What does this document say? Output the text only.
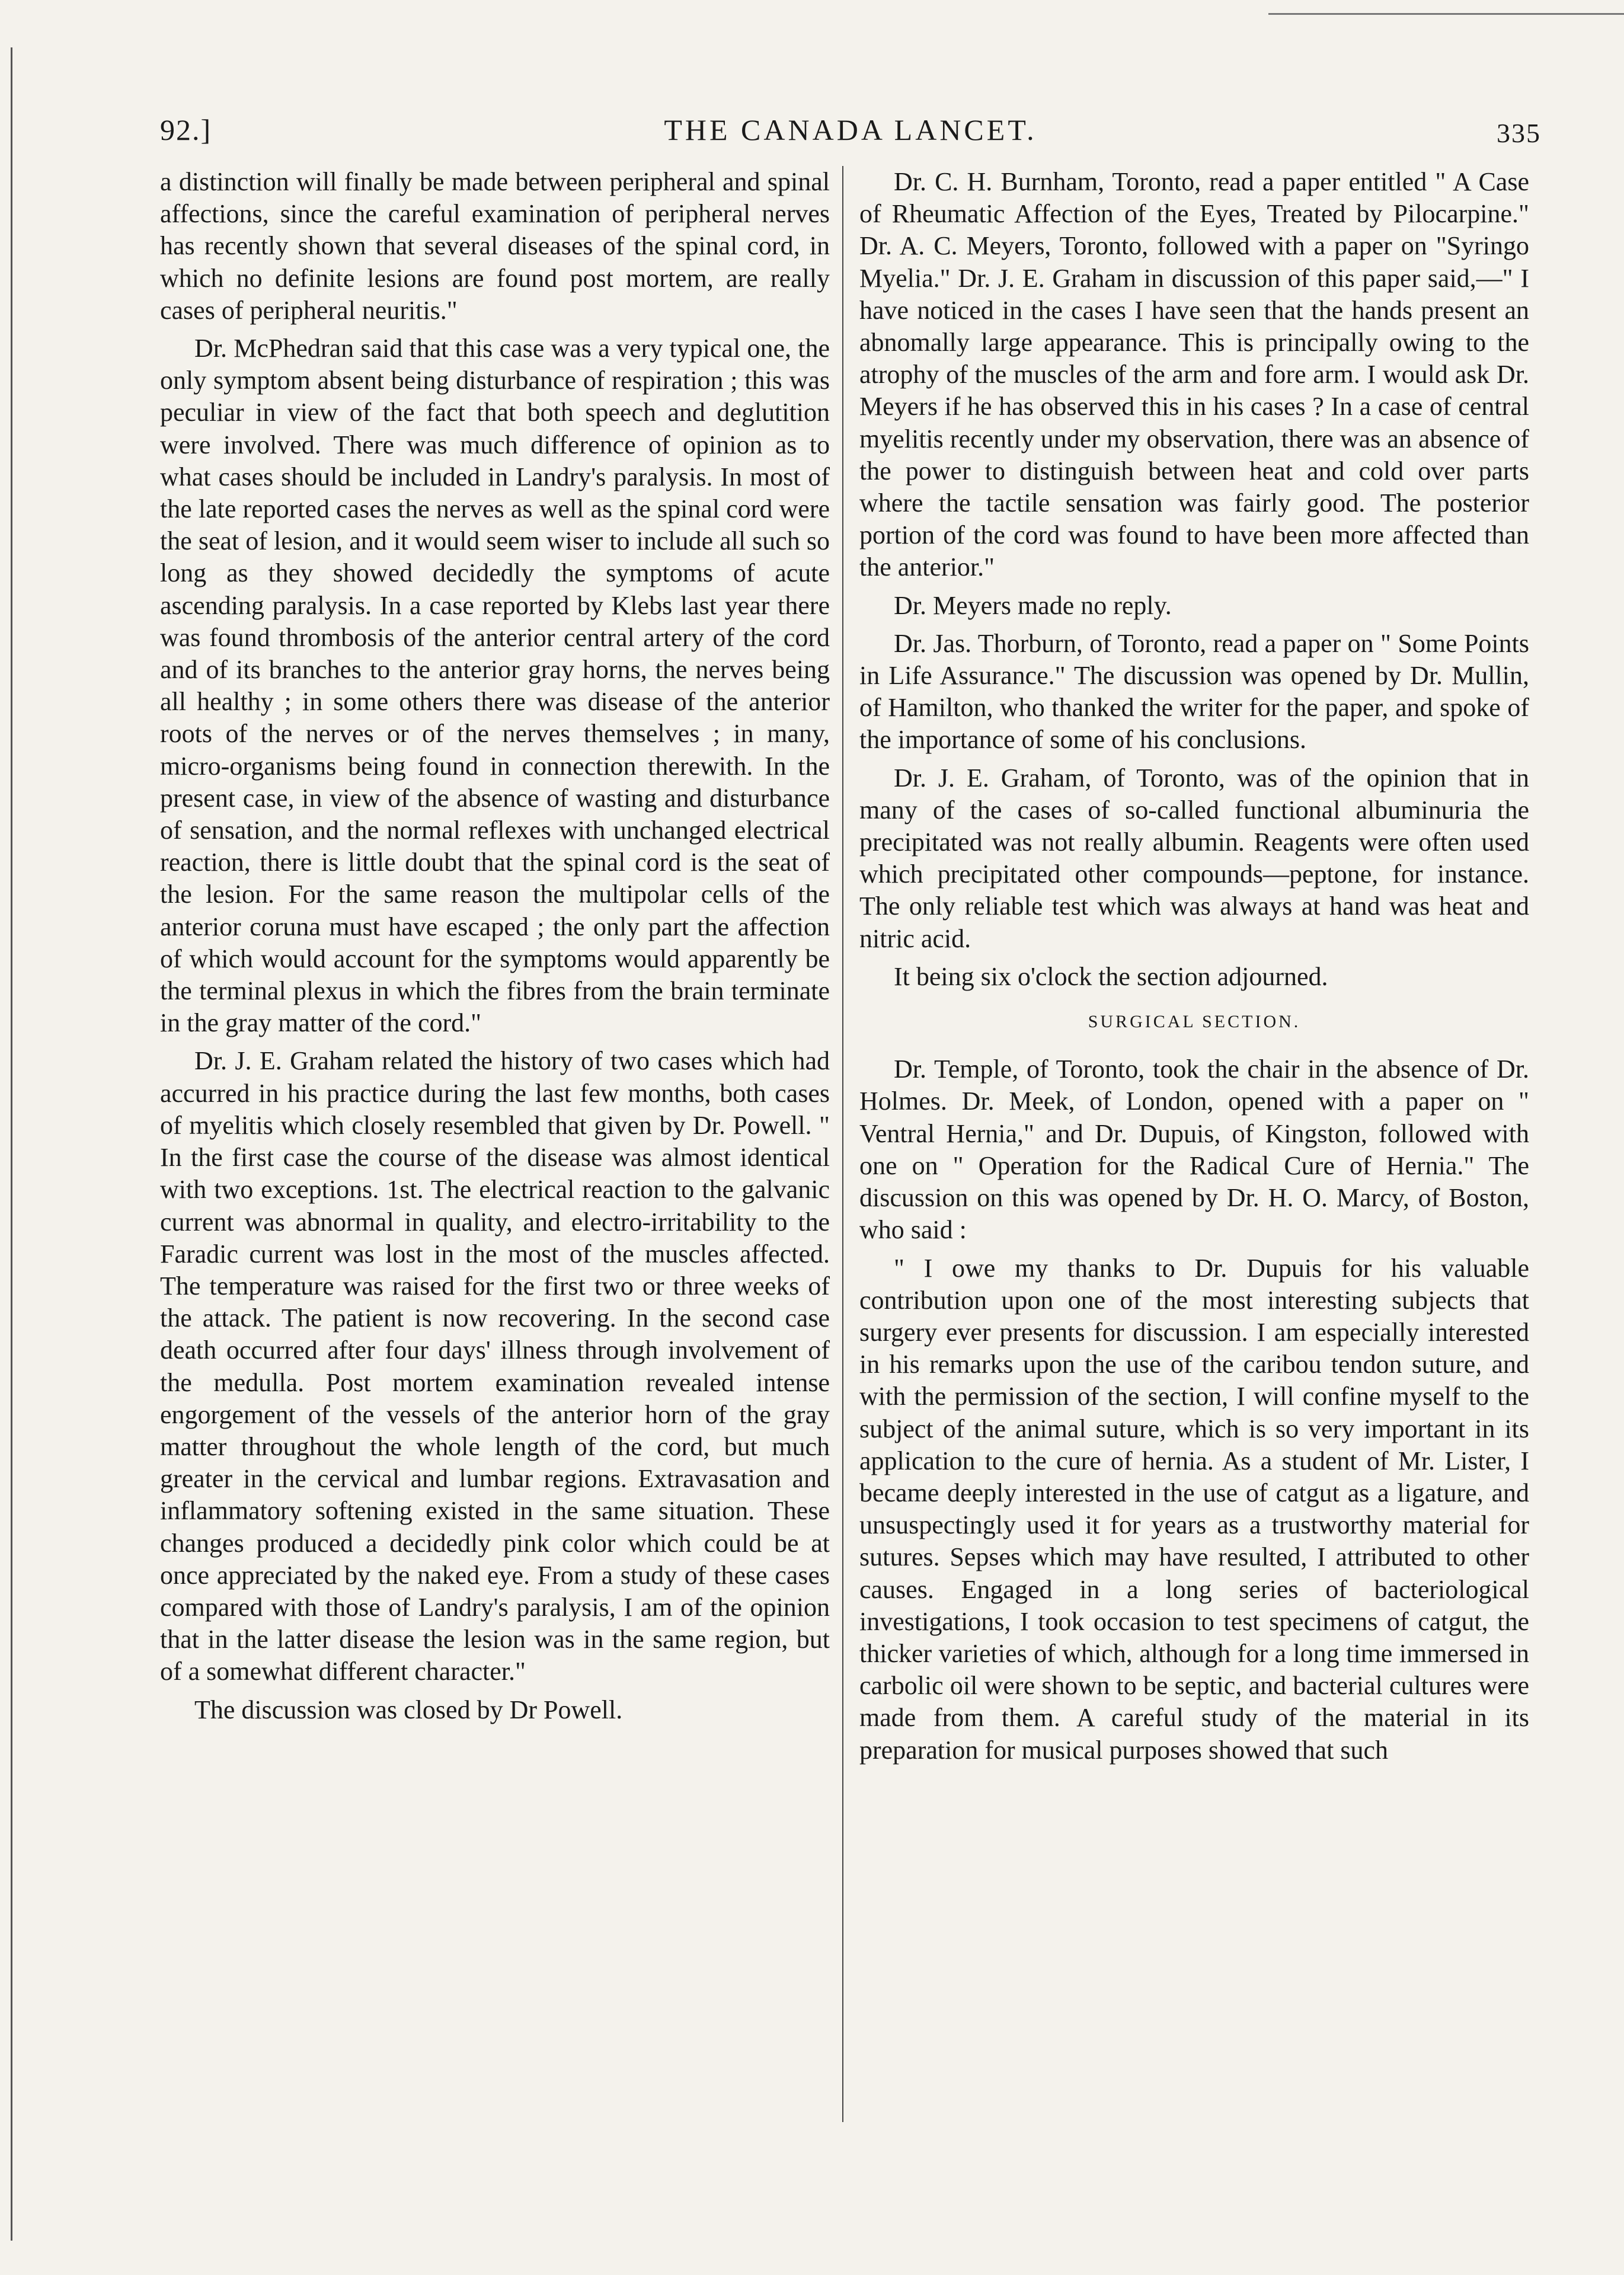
92.]	THE CANADA LANCET.	335

a distinction will finally be made between peripheral and spinal affections, since the careful examination of peripheral nerves has recently shown that several diseases of the spinal cord, in which no definite lesions are found post mortem, are really cases of peripheral neuritis."

Dr. McPhedran said that this case was a very typical one, the only symptom absent being disturbance of respiration ; this was peculiar in view of the fact that both speech and deglutition were involved. There was much difference of opinion as to what cases should be included in Landry's paralysis. In most of the late reported cases the nerves as well as the spinal cord were the seat of lesion, and it would seem wiser to include all such so long as they showed decidedly the symptoms of acute ascending paralysis. In a case reported by Klebs last year there was found thrombosis of the anterior central artery of the cord and of its branches to the anterior gray horns, the nerves being all healthy ; in some others there was disease of the anterior roots of the nerves or of the nerves themselves ; in many, micro-organisms being found in connection therewith. In the present case, in view of the absence of wasting and disturbance of sensation, and the normal reflexes with unchanged electrical reaction, there is little doubt that the spinal cord is the seat of the lesion. For the same reason the multipolar cells of the anterior coruna must have escaped ; the only part the affection of which would account for the symptoms would apparently be the terminal plexus in which the fibres from the brain terminate in the gray matter of the cord."

Dr. J. E. Graham related the history of two cases which had accurred in his practice during the last few months, both cases of myelitis which closely resembled that given by Dr. Powell. " In the first case the course of the disease was almost identical with two exceptions. 1st. The electrical reaction to the galvanic current was abnormal in quality, and electro-irritability to the Faradic current was lost in the most of the muscles affected. The temperature was raised for the first two or three weeks of the attack. The patient is now recovering. In the second case death occurred after four days' illness through involvement of the medulla. Post mortem examination revealed intense engorgement of the vessels of the anterior horn of the gray matter throughout the whole length of the cord, but much greater in the cervical and lumbar regions. Extravasation and inflammatory softening existed in the same situation. These changes produced a decidedly pink color which could be at once appreciated by the naked eye. From a study of these cases compared with those of Landry's paralysis, I am of the opinion that in the latter disease the lesion was in the same region, but of a somewhat different character."

The discussion was closed by Dr Powell.

Dr. C. H. Burnham, Toronto, read a paper entitled " A Case of Rheumatic Affection of the Eyes, Treated by Pilocarpine." Dr. A. C. Meyers, Toronto, followed with a paper on "Syringo Myelia." Dr. J. E. Graham in discussion of this paper said,—" I have noticed in the cases I have seen that the hands present an abnomally large appearance. This is principally owing to the atrophy of the muscles of the arm and fore arm. I would ask Dr. Meyers if he has observed this in his cases ? In a case of central myelitis recently under my observation, there was an absence of the power to distinguish between heat and cold over parts where the tactile sensation was fairly good. The posterior portion of the cord was found to have been more affected than the anterior."

Dr. Meyers made no reply.

Dr. Jas. Thorburn, of Toronto, read a paper on " Some Points in Life Assurance." The discussion was opened by Dr. Mullin, of Hamilton, who thanked the writer for the paper, and spoke of the importance of some of his conclusions.

Dr. J. E. Graham, of Toronto, was of the opinion that in many of the cases of so-called functional albuminuria the precipitated was not really albumin. Reagents were often used which precipitated other compounds—peptone, for instance. The only reliable test which was always at hand was heat and nitric acid.

It being six o'clock the section adjourned.

SURGICAL SECTION.

Dr. Temple, of Toronto, took the chair in the absence of Dr. Holmes. Dr. Meek, of London, opened with a paper on " Ventral Hernia," and Dr. Dupuis, of Kingston, followed with one on " Operation for the Radical Cure of Hernia." The discussion on this was opened by Dr. H. O. Marcy, of Boston, who said :

" I owe my thanks to Dr. Dupuis for his valuable contribution upon one of the most interesting subjects that surgery ever presents for discussion. I am especially interested in his remarks upon the use of the caribou tendon suture, and with the permission of the section, I will confine myself to the subject of the animal suture, which is so very important in its application to the cure of hernia. As a student of Mr. Lister, I became deeply interested in the use of catgut as a ligature, and unsuspectingly used it for years as a trustworthy material for sutures. Sepses which may have resulted, I attributed to other causes. Engaged in a long series of bacteriological investigations, I took occasion to test specimens of catgut, the thicker varieties of which, although for a long time immersed in carbolic oil were shown to be septic, and bacterial cultures were made from them. A careful study of the material in its preparation for musical purposes showed that such
